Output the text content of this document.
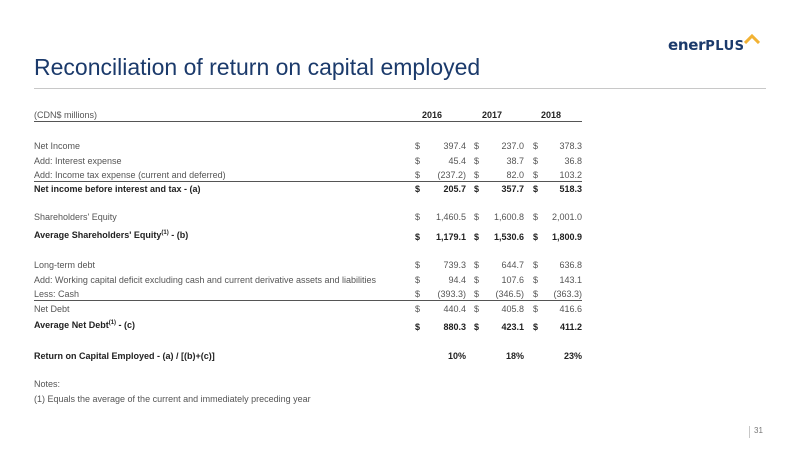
enerPLUS
Reconciliation of return on capital employed
(CDN$ millions)	2016	2017	2018
Net Income	$	397.4 $	237.0 $	378.3
Add: Interest expense	$	45.4 $	38.7 $	36.8
Add: Income tax expense (current and deferred)	$	(237.2) $	82.0 $	103.2
Net income before interest and tax - (a)	$	205.7 $	357.7 $	518.3
Shareholders' Equity	$	1,460.5 $	1,600.8 $	2,001.0
Average Shareholders' Equity$^{(1)}$ - (b)	$	1,179.1 $	1,530.6 $	1,800.9
Long-term debt	$	739.3 $	644.7 $	636.8
Add: Working capital deficit excluding cash and current derivative assets and liabilities	$	94.4 $	107.6 $	143.1
Less: Cash	$	(393.3) $	(346.5) $	(363.3)
Net Debt	$	440.4 $	405.8 $	416.6
Average Net Debt$^{(1)}$ - (c)	$	880.3 $	423.1 $	411.2
Return on Capital Employed - (a) / [(b)+(c)]	10%	18%	23%
Notes:
(1) Equals the average of the current and immediately preceding year
31
